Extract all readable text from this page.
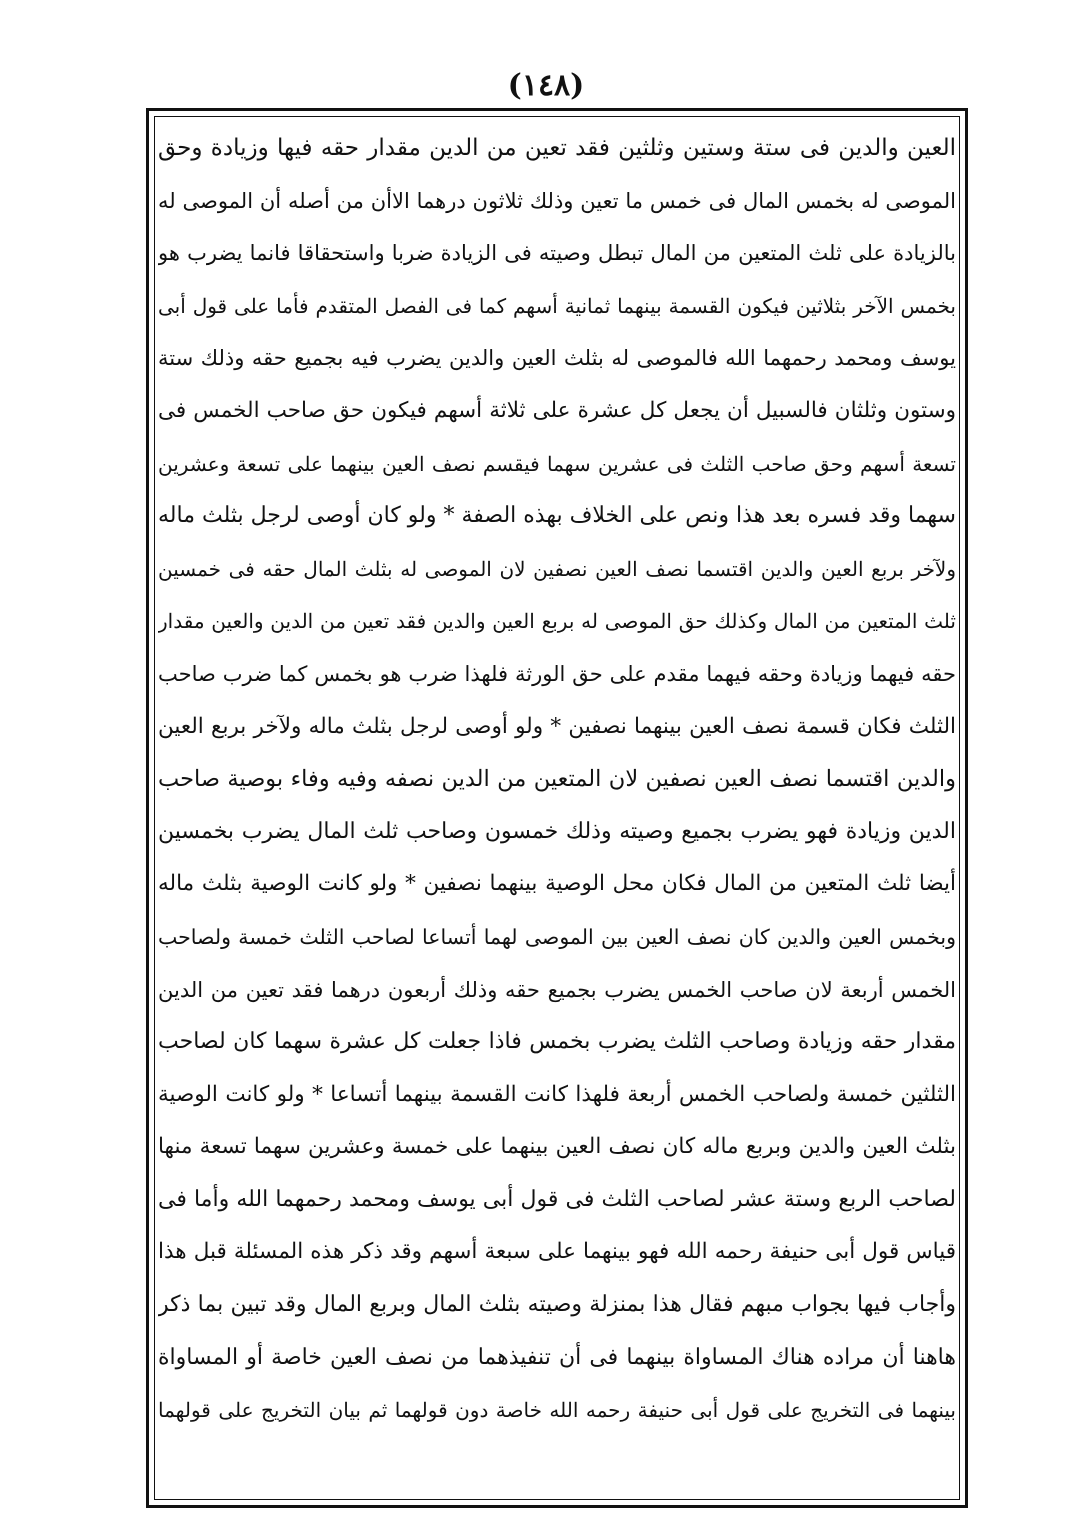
(١٤٨)
العين والدين فى ستة وستين وثلثين فقد تعين من الدين مقدار حقه فيها وزيادة وحق
الموصى له بخمس المال فى خمس ما تعين وذلك ثلاثون درهما الاأن من أصله أن الموصى له
بالزيادة على ثلث المتعين من المال تبطل وصيته فى الزيادة ضربا واستحقاقا فانما يضرب هو
بخمس الآخر بثلاثين فيكون القسمة بينهما ثمانية أسهم كما فى الفصل المتقدم فأما على قول أبى
يوسف ومحمد رحمهما الله فالموصى له بثلث العين والدين يضرب فيه بجميع حقه وذلك ستة
وستون وثلثان فالسبيل أن يجعل كل عشرة على ثلاثة أسهم فيكون حق صاحب الخمس فى
تسعة أسهم وحق صاحب الثلث فى عشرين سهما فيقسم نصف العين بينهما على تسعة وعشرين
سهما وقد فسره بعد هذا ونص على الخلاف بهذه الصفة * ولو كان أوصى لرجل بثلث ماله
ولآخر بربع العين والدين اقتسما نصف العين نصفين لان الموصى له بثلث المال حقه فى خمسين
ثلث المتعين من المال وكذلك حق الموصى له بربع العين والدين فقد تعين من الدين والعين مقدار
حقه فيهما وزيادة وحقه فيهما مقدم على حق الورثة فلهذا ضرب هو بخمس كما ضرب صاحب
الثلث فكان قسمة نصف العين بينهما نصفين * ولو أوصى لرجل بثلث ماله ولآخر بربع العين
والدين اقتسما نصف العين نصفين لان المتعين من الدين نصفه وفيه وفاء بوصية صاحب
الدين وزيادة فهو يضرب بجميع وصيته وذلك خمسون وصاحب ثلث المال يضرب بخمسين
أيضا ثلث المتعين من المال فكان محل الوصية بينهما نصفين * ولو كانت الوصية بثلث ماله
وبخمس العين والدين كان نصف العين بين الموصى لهما أتساعا لصاحب الثلث خمسة ولصاحب
الخمس أربعة لان صاحب الخمس يضرب بجميع حقه وذلك أربعون درهما فقد تعين من الدين
مقدار حقه وزيادة وصاحب الثلث يضرب بخمس فاذا جعلت كل عشرة سهما كان لصاحب
الثلثين خمسة ولصاحب الخمس أربعة فلهذا كانت القسمة بينهما أتساعا * ولو كانت الوصية
بثلث العين والدين وبربع ماله كان نصف العين بينهما على خمسة وعشرين سهما تسعة منها
لصاحب الربع وستة عشر لصاحب الثلث فى قول أبى يوسف ومحمد رحمهما الله وأما فى
قياس قول أبى حنيفة رحمه الله فهو بينهما على سبعة أسهم وقد ذكر هذه المسئلة قبل هذا
وأجاب فيها بجواب مبهم فقال هذا بمنزلة وصيته بثلث المال وبربع المال وقد تبين بما ذكر
هاهنا أن مراده هناك المساواة بينهما فى أن تنفيذهما من نصف العين خاصة أو المساواة
بينهما فى التخريج على قول أبى حنيفة رحمه الله خاصة دون قولهما ثم بيان التخريج على قولهما
